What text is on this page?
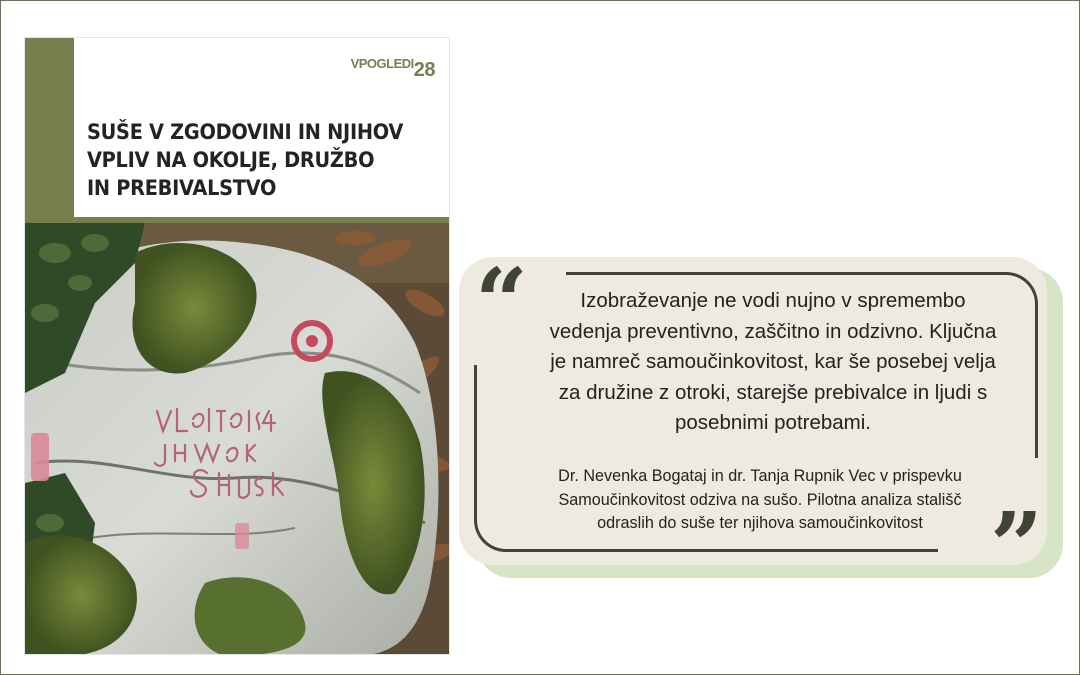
$^{VPOGLEDI}$28
SUŠE V ZGODOVINI IN NJIHOV
VPLIV NA OKOLJE, DRUŽBO
IN PREBIVALSTVO
“
”

Izobraževanje ne vodi nujno v spremembo
vedenja preventivno, zaščitno in odzivno. Ključna
je namreč samoučinkovitost, kar še posebej velja
za družine z otroki, starejše prebivalce in ljudi s
posebnimi potrebami.

Dr. Nevenka Bogataj in dr. Tanja Rupnik Vec v prispevku
Samoučinkovitost odziva na sušo. Pilotna analiza stališč
odraslih do suše ter njihova samoučinkovitost
